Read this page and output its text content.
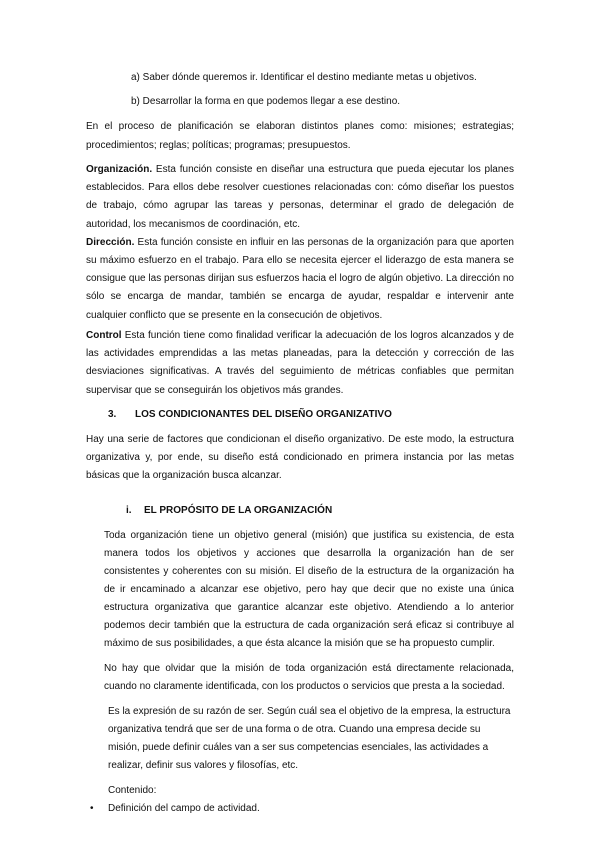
a) Saber dónde queremos ir. Identificar el destino mediante metas u objetivos.
b) Desarrollar la forma en que podemos llegar a ese destino.
En el proceso de planificación se elaboran distintos planes como: misiones; estrategias;
procedimientos; reglas; políticas; programas; presupuestos.
Organización. Esta función consiste en diseñar una estructura que pueda ejecutar los planes
establecidos. Para ellos debe resolver cuestiones relacionadas con: cómo diseñar los puestos
de trabajo, cómo agrupar las tareas y personas, determinar el grado de delegación de
autoridad, los mecanismos de coordinación, etc.
Dirección. Esta función consiste en influir en las personas de la organización para que aporten
su máximo esfuerzo en el trabajo. Para ello se necesita ejercer el liderazgo de esta manera se
consigue que las personas dirijan sus esfuerzos hacia el logro de algún objetivo. La dirección no
sólo se encarga de mandar, también se encarga de ayudar, respaldar e intervenir ante
cualquier conflicto que se presente en la consecución de objetivos.
Control Esta función tiene como finalidad verificar la adecuación de los logros alcanzados y de
las actividades emprendidas a las metas planeadas, para la detección y corrección de las
desviaciones significativas. A través del seguimiento de métricas confiables que permitan
supervisar que se conseguirán los objetivos más grandes.
3. LOS CONDICIONANTES DEL DISEÑO ORGANIZATIVO
Hay una serie de factores que condicionan el diseño organizativo. De este modo, la estructura
organizativa y, por ende, su diseño está condicionado en primera instancia por las metas
básicas que la organización busca alcanzar.
i. EL PROPÓSITO DE LA ORGANIZACIÓN
Toda organización tiene un objetivo general (misión) que justifica su existencia, de esta
manera todos los objetivos y acciones que desarrolla la organización han de ser
consistentes y coherentes con su misión. El diseño de la estructura de la organización ha
de ir encaminado a alcanzar ese objetivo, pero hay que decir que no existe una única
estructura organizativa que garantice alcanzar este objetivo. Atendiendo a lo anterior
podemos decir también que la estructura de cada organización será eficaz si contribuye al
máximo de sus posibilidades, a que ésta alcance la misión que se ha propuesto cumplir.
No hay que olvidar que la misión de toda organización está directamente relacionada,
cuando no claramente identificada, con los productos o servicios que presta a la sociedad.
Es la expresión de su razón de ser. Según cuál sea el objetivo de la empresa, la estructura
organizativa tendrá que ser de una forma o de otra. Cuando una empresa decide su
misión, puede definir cuáles van a ser sus competencias esenciales, las actividades a
realizar, definir sus valores y filosofías, etc.
Contenido:
• Definición del campo de actividad.
